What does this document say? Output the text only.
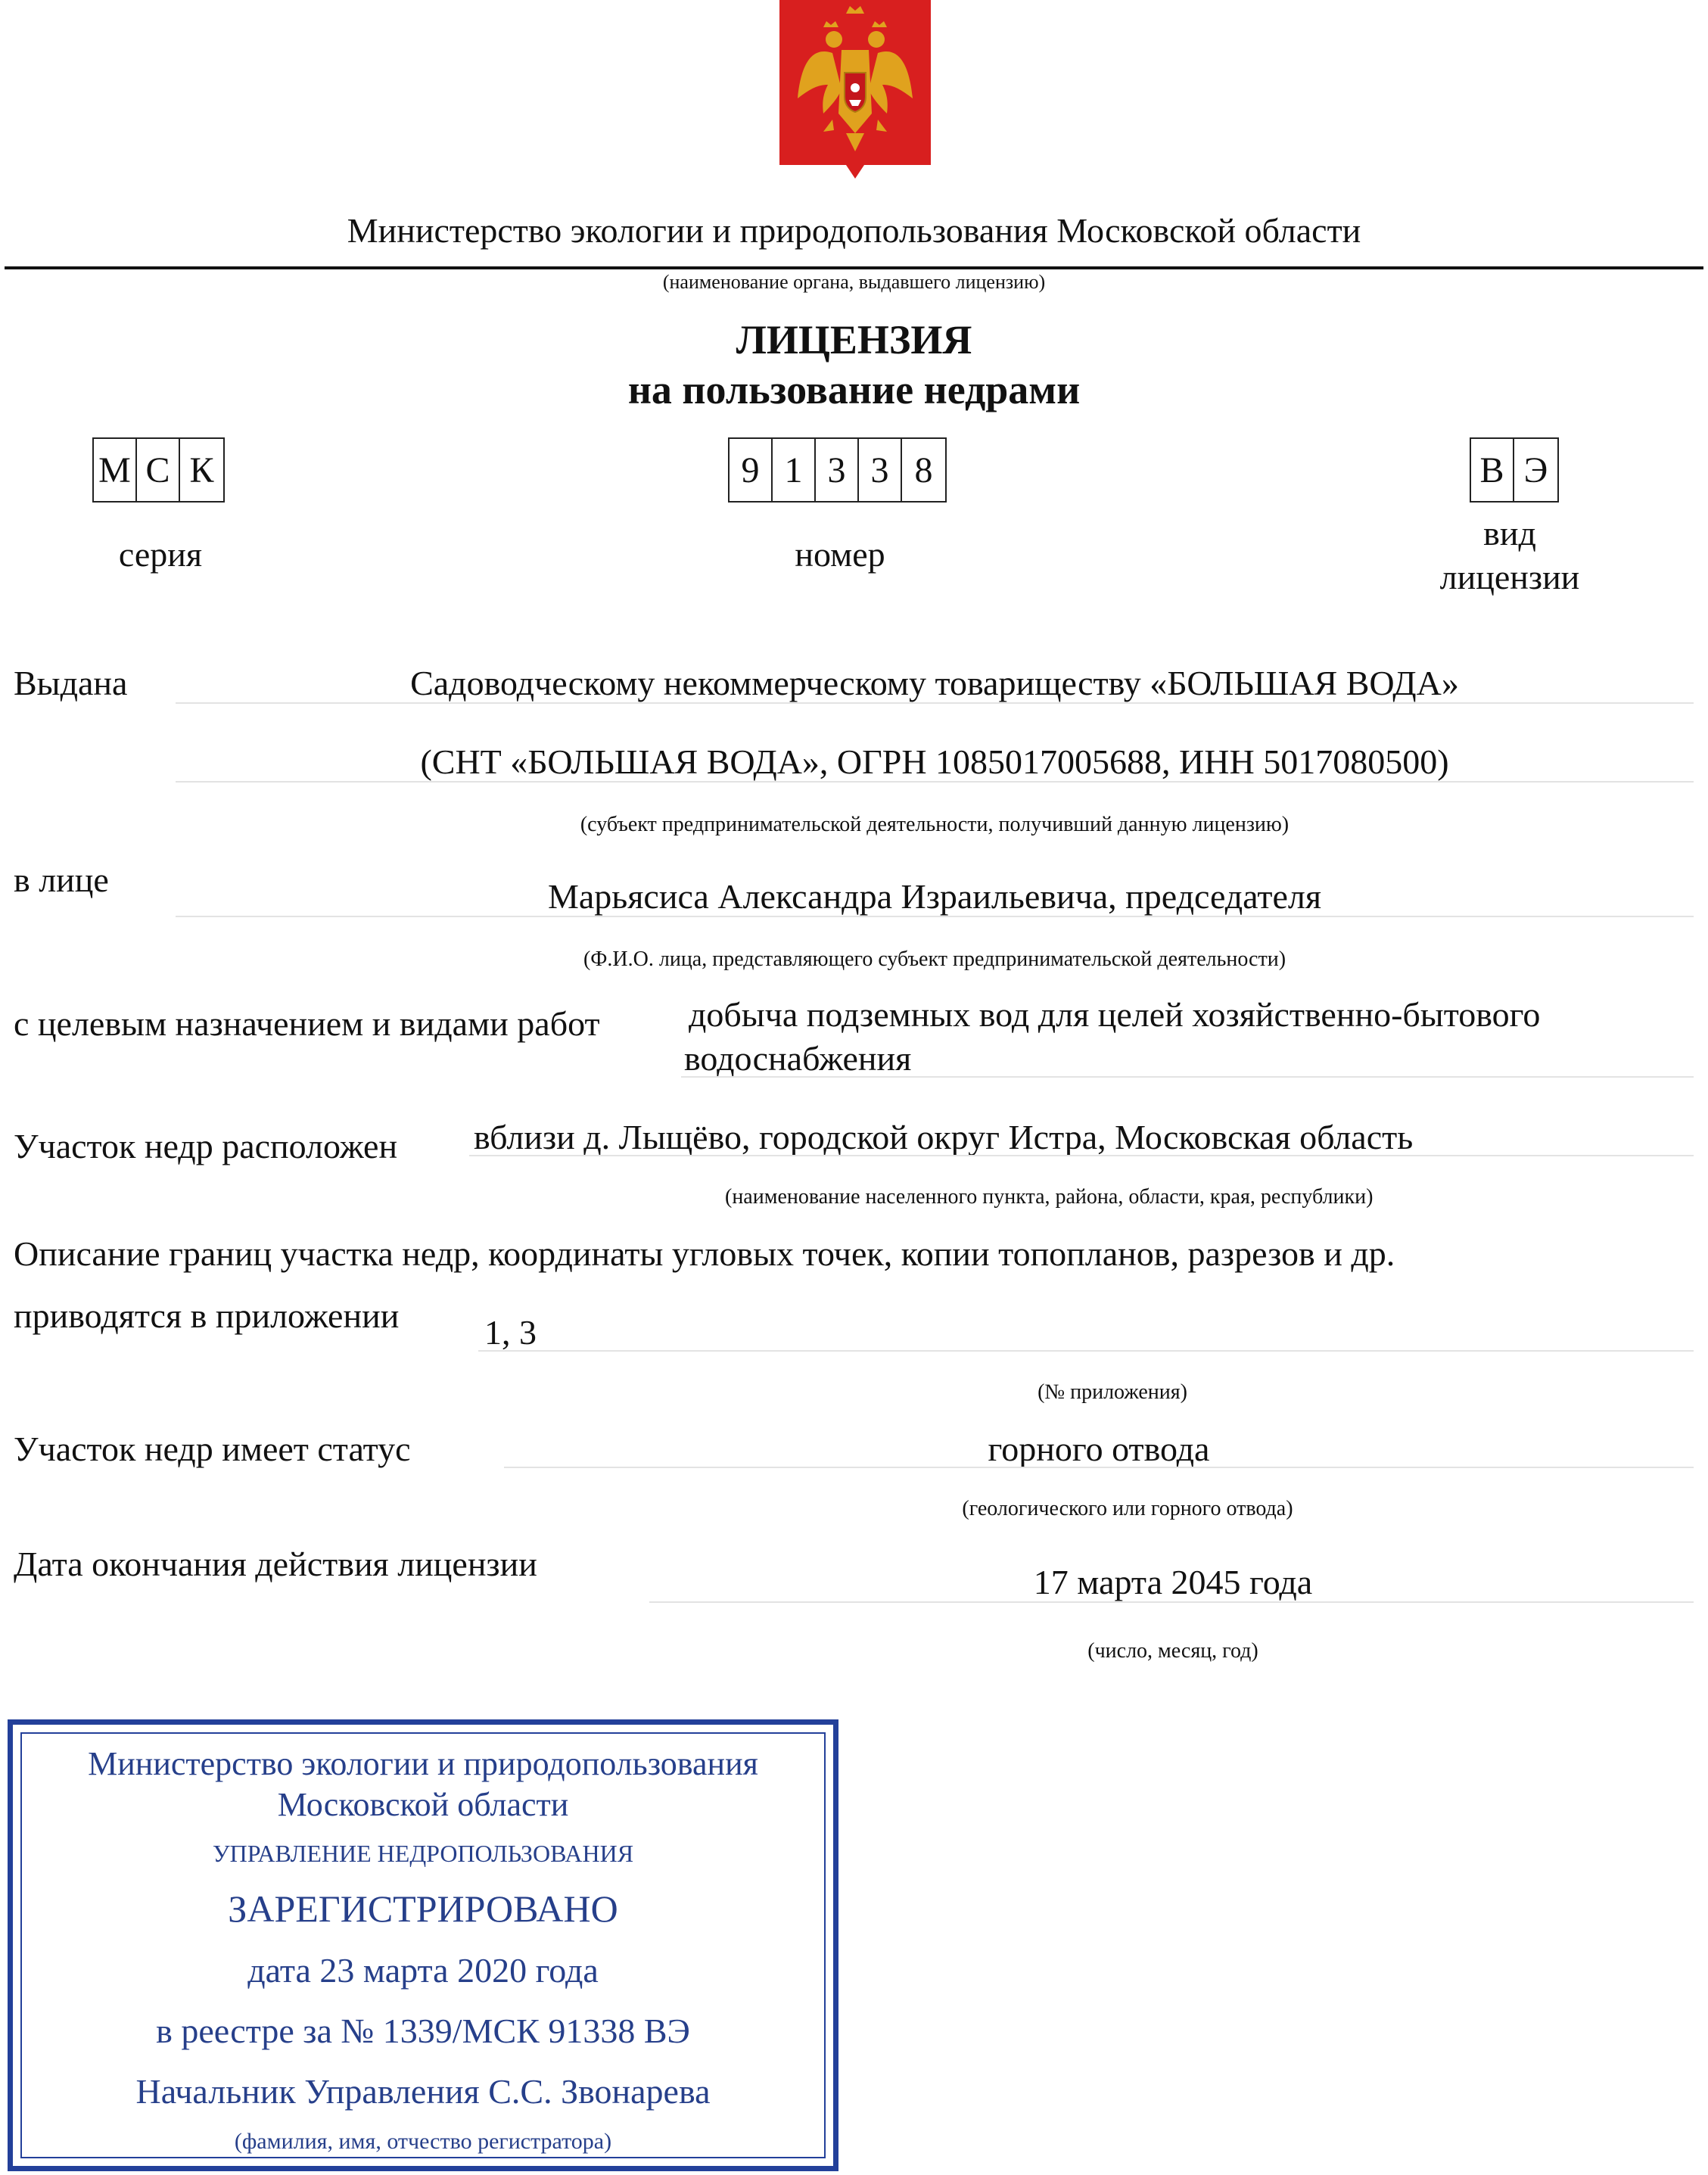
Министерство экологии и природопользования Московской области
(наименование органа, выдавшего лицензию)
ЛИЦЕНЗИЯ
на пользование недрами
М С К
серия
9 1 3 3 8
номер
В Э
вид
лицензии
Выдана	Садоводческому некоммерческому товариществу «БОЛЬШАЯ ВОДА»
(СНТ «БОЛЬШАЯ ВОДА», ОГРН 1085017005688, ИНН 5017080500)
(субъект предпринимательской деятельности, получивший данную лицензию)
в лице	Марьясиса Александра Израильевича, председателя
(Ф.И.О. лица, представляющего субъект предпринимательской деятельности)
с целевым назначением и видами работ	добыча подземных вод для целей хозяйственно-бытового
водоснабжения
Участок недр расположен вблизи д. Лыщёво, городской округ Истра, Московская область
(наименование населенного пункта, района, области, края, республики)
Описание границ участка недр, координаты угловых точек, копии топопланов, разрезов и др.
приводятся в приложении 1, 3
(№ приложения)
Участок недр имеет статус	горного отвода
(геологического или горного отвода)
Дата окончания действия лицензии	17 марта 2045 года
(число, месяц, год)
Министерство экологии и природопользования
Московской области
УПРАВЛЕНИЕ НЕДРОПОЛЬЗОВАНИЯ
ЗАРЕГИСТРИРОВАНО
дата 23 марта 2020 года
в реестре за № 1339/МСК 91338 ВЭ
Начальник Управления С.С. Звонарева
(фамилия, имя, отчество регистратора)
